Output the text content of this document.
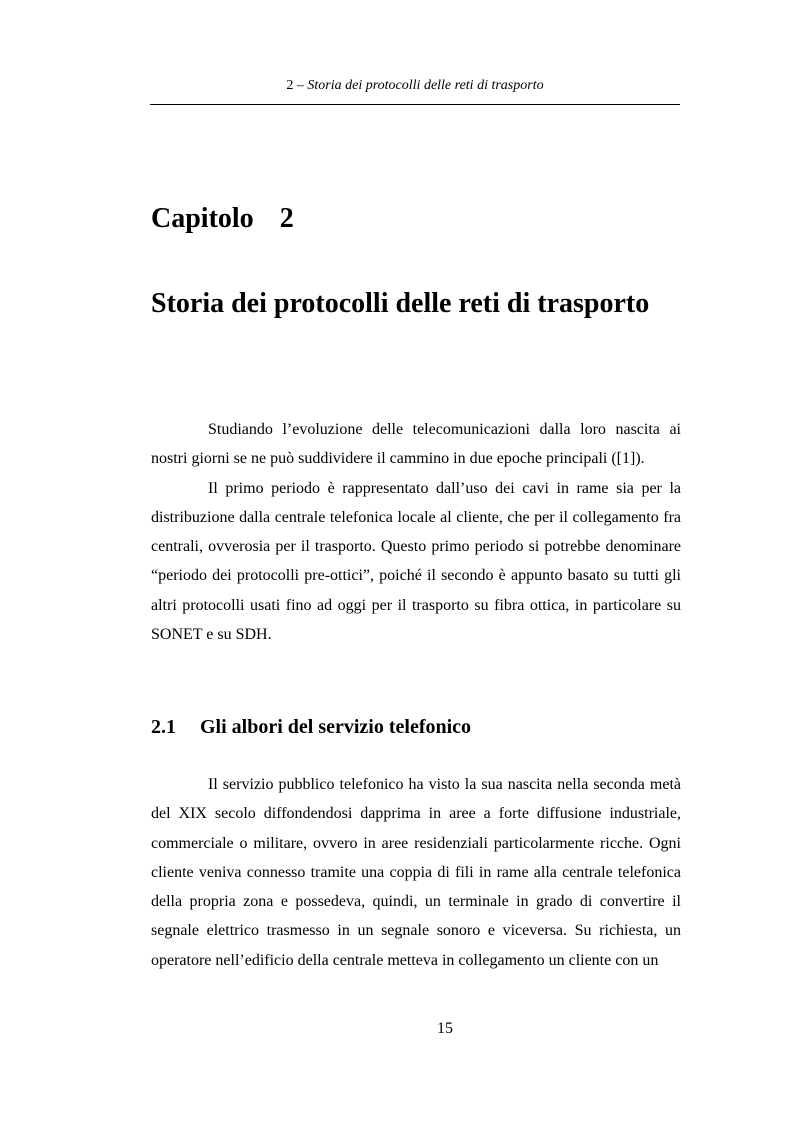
2 – Storia dei protocolli delle reti di trasporto
Capitolo 2
Storia dei protocolli delle reti di trasporto

Studiando l’evoluzione delle telecomunicazioni dalla loro nascita ai nostri giorni se ne può suddividere il cammino in due epoche principali ([1]).

Il primo periodo è rappresentato dall’uso dei cavi in rame sia per la distribuzione dalla centrale telefonica locale al cliente, che per il collegamento fra centrali, ovverosia per il trasporto. Questo primo periodo si potrebbe denominare “periodo dei protocolli pre-ottici”, poiché il secondo è appunto basato su tutti gli altri protocolli usati fino ad oggi per il trasporto su fibra ottica, in particolare su SONET e su SDH.

2.1 Gli albori del servizio telefonico

Il servizio pubblico telefonico ha visto la sua nascita nella seconda metà del XIX secolo diffondendosi dapprima in aree a forte diffusione industriale, commerciale o militare, ovvero in aree residenziali particolarmente ricche. Ogni cliente veniva connesso tramite una coppia di fili in rame alla centrale telefonica della propria zona e possedeva, quindi, un terminale in grado di convertire il segnale elettrico trasmesso in un segnale sonoro e viceversa. Su richiesta, un operatore nell’edificio della centrale metteva in collegamento un cliente con un

15
